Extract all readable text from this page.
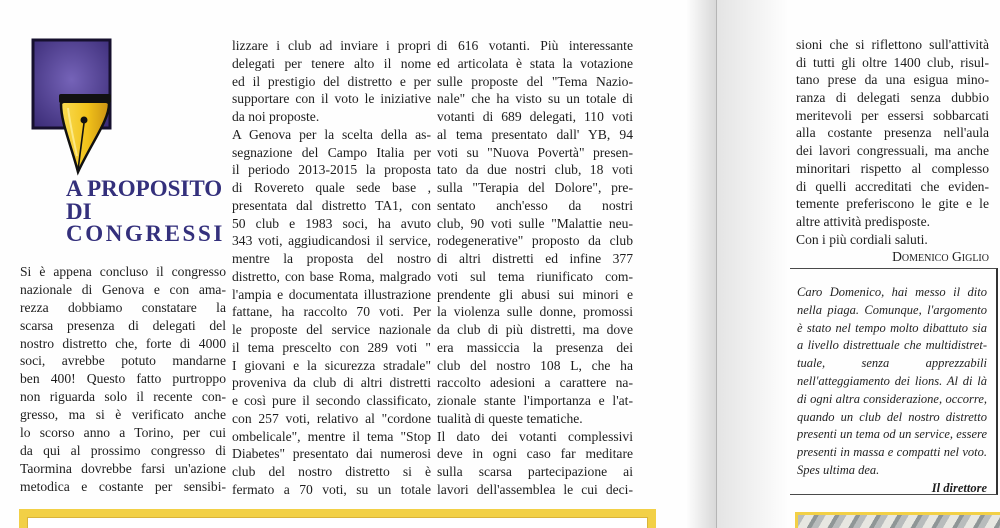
A PROPOSITO
DI
CONGRESSI
Si è appena concluso il congresso
nazionale di Genova e con ama-
rezza dobbiamo constatare la
scarsa presenza di delegati del
nostro distretto che, forte di 4000
soci, avrebbe potuto mandarne
ben 400! Questo fatto purtroppo
non riguarda solo il recente con-
gresso, ma si è verificato anche
lo scorso anno a Torino, per cui
da qui al prossimo congresso di
Taormina dovrebbe farsi un'azione
metodica e costante per sensibi-
lizzare i club ad inviare i propri
delegati per tenere alto il nome
ed il prestigio del distretto e per
supportare con il voto le iniziative
da noi proposte.
A Genova per la scelta della as-
segnazione del Campo Italia per
il periodo 2013-2015 la proposta
di Rovereto quale sede base ,
presentata dal distretto TA1, con
50 club e 1983 soci, ha avuto
343 voti, aggiudicandosi il service,
mentre la proposta del nostro
distretto, con base Roma, malgrado
l'ampia e documentata illustrazione
fattane, ha raccolto 70 voti. Per
le proposte del service nazionale
il tema prescelto con 289 voti "
I giovani e la sicurezza stradale"
proveniva da club di altri distretti
e così pure il secondo classificato,
con 257 voti, relativo al "cordone
ombelicale", mentre il tema "Stop
Diabetes" presentato dai numerosi
club del nostro distretto si è
fermato a 70 voti, su un totale
di 616 votanti. Più interessante
ed articolata è stata la votazione
sulle proposte del "Tema Nazio-
nale" che ha visto su un totale di
votanti di 689 delegati, 110 voti
al tema presentato dall' YB, 94
voti su "Nuova Povertà" presen-
tato da due nostri club, 18 voti
sulla "Terapia del Dolore", pre-
sentato anch'esso da nostri
club, 90 voti sulle "Malattie neu-
rodegenerative" proposto da club
di altri distretti ed infine 377
voti sul tema riunificato com-
prendente gli abusi sui minori e
la violenza sulle donne, promossi
da club di più distretti, ma dove
era massiccia la presenza dei
club del nostro 108 L, che ha
raccolto adesioni a carattere na-
zionale stante l'importanza e l'at-
tualità di queste tematiche.
Il dato dei votanti complessivi
deve in ogni caso far meditare
sulla scarsa partecipazione ai
lavori dell'assemblea le cui deci-
sioni che si riflettono sull'attività
di tutti gli oltre 1400 club, risul-
tano prese da una esigua mino-
ranza di delegati senza dubbio
meritevoli per essersi sobbarcati
alla costante presenza nell'aula
dei lavori congressuali, ma anche
minoritari rispetto al complesso
di quelli accreditati che eviden-
temente preferiscono le gite e le
altre attività predisposte.
Con i più cordiali saluti.
Domenico Giglio
Caro Domenico, hai messo il dito
nella piaga. Comunque, l'argomento
è stato nel tempo molto dibattuto sia
a livello distrettuale che multidistret-
tuale, senza apprezzabili
nell'atteggiamento dei lions. Al di là
di ogni altra considerazione, occorre,
quando un club del nostro distretto
presenti un tema od un service, essere
presenti in massa e compatti nel voto.
Spes ultima dea.
Il direttore
